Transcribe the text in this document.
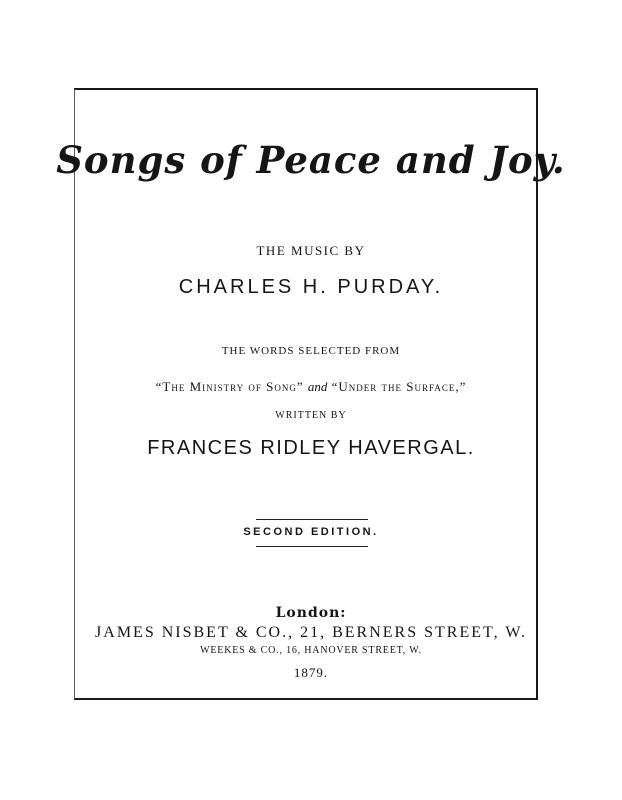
Songs of Peace and Joy.
THE MUSIC BY
CHARLES H. PURDAY.
THE WORDS SELECTED FROM
“The Ministry of Song” and “Under the Surface,”
WRITTEN BY
FRANCES RIDLEY HAVERGAL.
SECOND EDITION.
London:
JAMES NISBET & CO., 21, BERNERS STREET, W.
WEEKES & CO., 16, HANOVER STREET, W.
1879.
